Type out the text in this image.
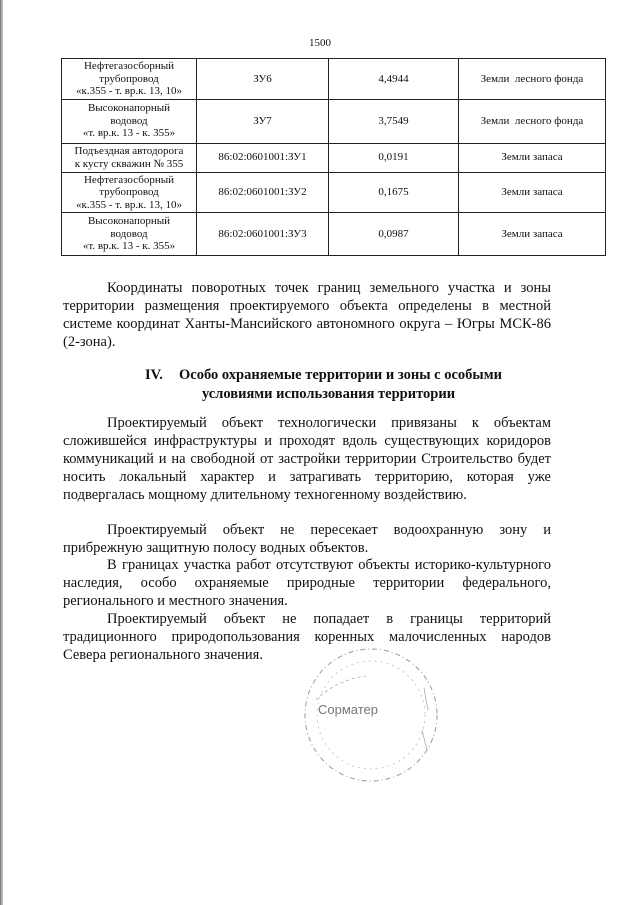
1500
Нефтегазосборный
трубопровод
«к.355 - т. вр.к. 13, 10»	ЗУ6	4,4944	Земли  лесного фонда

Высоконапорный
водовод
«т. вр.к. 13 - к. 355»	ЗУ7	3,7549	Земли  лесного фонда

Подъездная автодорога
к кусту скважин № 355	86:02:0601001:ЗУ1	0,0191	Земли запаса

Нефтегазосборный
трубопровод
«к.355 - т. вр.к. 13, 10»	86:02:0601001:ЗУ2	0,1675	Земли запаса

Высоконапорный
водовод
«т. вр.к. 13 - к. 355»	86:02:0601001:ЗУ3	0,0987	Земли запаса
Координаты поворотных точек границ земельного участка и зоны территории размещения проектируемого объекта определены в местной системе координат Ханты-Мансийского автономного округа – Югры МСК-86 (2-зона).
IV. Особо охраняемые территории и зоны с особыми
условиями использования территории
Проектируемый объект технологически привязаны к объектам сложившейся инфраструктуры и проходят вдоль существующих коридоров коммуникаций и на свободной от застройки территории Строительство будет носить локальный характер и затрагивать территорию, которая уже подвергалась мощному длительному техногенному воздействию.
Проектируемый объект не пересекает водоохранную зону и прибрежную защитную полосу водных объектов.
В границах участка работ отсутствуют объекты историко-культурного наследия, особо охраняемые природные территории федерального, регионального и местного значения.
Проектируемый объект не попадает в границы территорий традиционного природопользования коренных малочисленных народов Севера регионального значения.
Сорматер
